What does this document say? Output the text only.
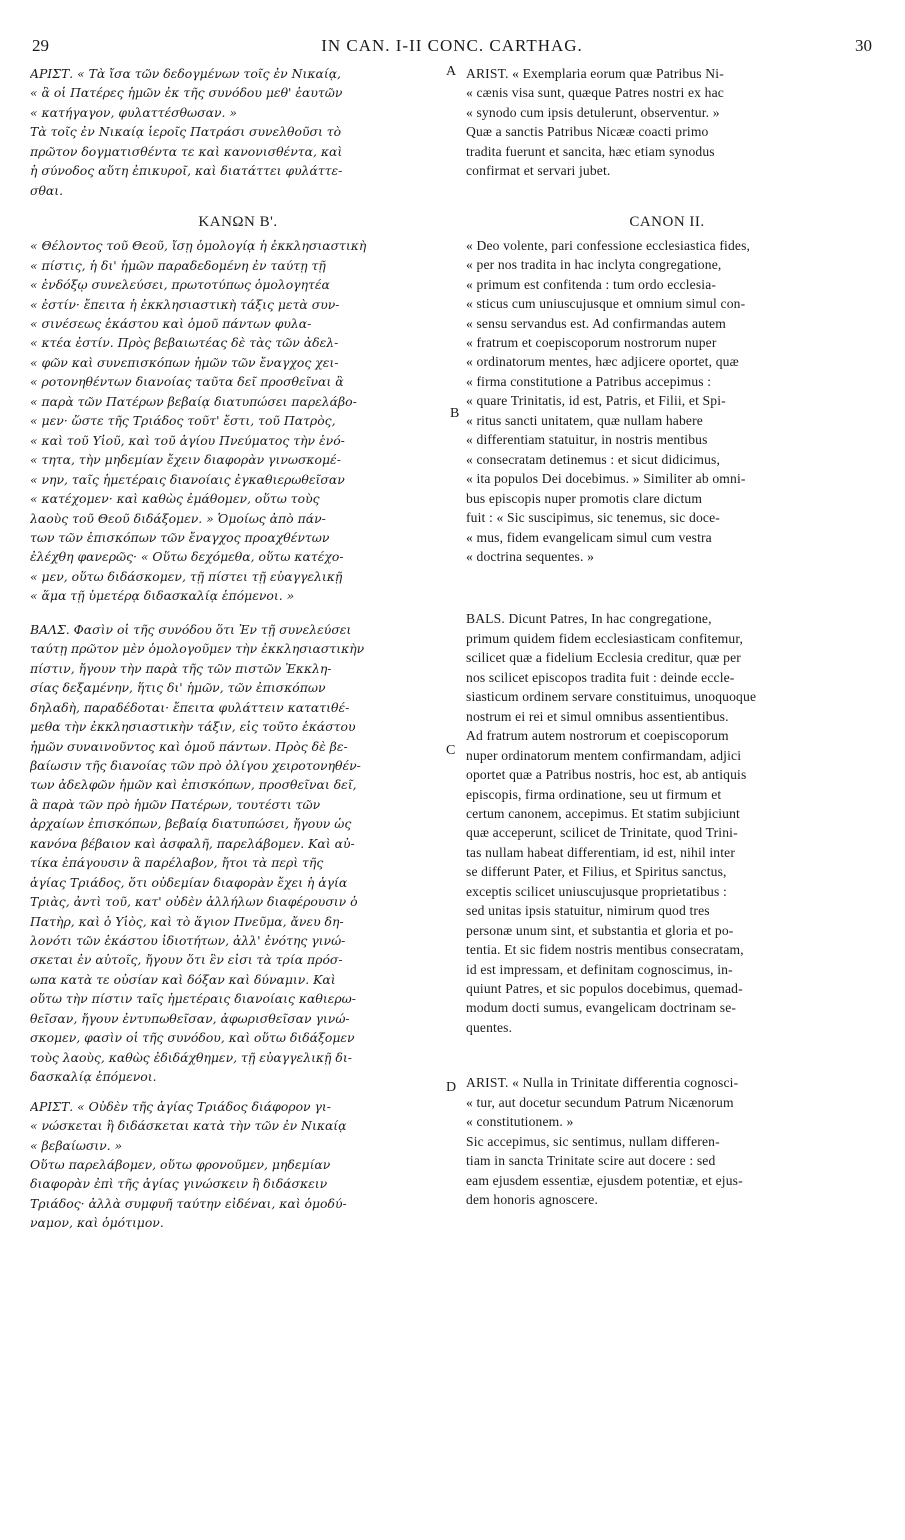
29	IN CAN. I-II CONC. CARTHAG.	30
A
B
C
D
ΑΡΙΣΤ. « Τὰ ἴσα τῶν δεδογμένων τοῖς ἐν Νικαίᾳ,
« ἃ οἱ Πατέρες ἡμῶν ἐκ τῆς συνόδου μεθ' ἑαυτῶν
« κατήγαγον, φυλαττέσθωσαν. »
Τὰ τοῖς ἐν Νικαίᾳ ἱεροῖς Πατράσι συνελθοῦσι τὸ
πρῶτον δογματισθέντα τε καὶ κανονισθέντα, καὶ
ἡ σύνοδος αὕτη ἐπικυροῖ, καὶ διατάττει φυλάττε-
σθαι.
ΚΑΝΩΝ Β'.
« Θέλοντος τοῦ Θεοῦ, ἴσῃ ὁμολογίᾳ ἡ ἐκκλησιαστικὴ
« πίστις, ἡ δι' ἡμῶν παραδεδομένη ἐν ταύτῃ τῇ
« ἐνδόξῳ συνελεύσει, πρωτοτύπως ὁμολογητέα
« ἐστίν· ἔπειτα ἡ ἐκκλησιαστικὴ τάξις μετὰ συν-
« σινέσεως ἑκάστου καὶ ὁμοῦ πάντων φυλα-
« κτέα ἐστίν. Πρὸς βεβαιωτέας δὲ τὰς τῶν ἀδελ-
« φῶν καὶ συνεπισκόπων ἡμῶν τῶν ἔναγχος χει-
« ροτονηθέντων διανοίας ταῦτα δεῖ προσθεῖναι ἃ
« παρὰ τῶν Πατέρων βεβαίᾳ διατυπώσει παρελάβο-
« μεν· ὥστε τῆς Τριάδος τοῦτ' ἔστι, τοῦ Πατρὸς,
« καὶ τοῦ Υἱοῦ, καὶ τοῦ ἁγίου Πνεύματος τὴν ἑνό-
« τητα, τὴν μηδεμίαν ἔχειν διαφορὰν γινωσκομέ-
« νην, ταῖς ἡμετέραις διανοίαις ἐγκαθιερωθεῖσαν
« κατέχομεν· καὶ καθὼς ἐμάθομεν, οὕτω τοὺς
λαοὺς τοῦ Θεοῦ διδάξομεν. » Ὁμοίως ἀπὸ πάν-
των τῶν ἐπισκόπων τῶν ἔναγχος προαχθέντων
ἐλέχθη φανερῶς· « Οὕτω δεχόμεθα, οὕτω κατέχο-
« μεν, οὕτω διδάσκομεν, τῇ πίστει τῇ εὐαγγελικῇ
« ἅμα τῇ ὑμετέρᾳ διδασκαλίᾳ ἑπόμενοι. »
ΒΑΛΣ. Φασὶν οἱ τῆς συνόδου ὅτι Ἐν τῇ συνελεύσει
ταύτῃ πρῶτον μὲν ὁμολογοῦμεν τὴν ἐκκλησιαστικὴν
πίστιν, ἤγουν τὴν παρὰ τῆς τῶν πιστῶν Ἐκκλη-
σίας δεξαμένην, ἥτις δι' ἡμῶν, τῶν ἐπισκόπων
δηλαδὴ, παραδέδοται· ἔπειτα φυλάττειν κατατιθέ-
μεθα τὴν ἐκκλησιαστικὴν τάξιν, εἰς τοῦτο ἑκάστου
ἡμῶν συναινοῦντος καὶ ὁμοῦ πάντων. Πρὸς δὲ βε-
βαίωσιν τῆς διανοίας τῶν πρὸ ὀλίγου χειροτονηθέν-
των ἀδελφῶν ἡμῶν καὶ ἐπισκόπων, προσθεῖναι δεῖ,
ἃ παρὰ τῶν πρὸ ἡμῶν Πατέρων, τουτέστι τῶν
ἀρχαίων ἐπισκόπων, βεβαίᾳ διατυπώσει, ἤγουν ὡς
κανόνα βέβαιον καὶ ἀσφαλῆ, παρελάβομεν. Καὶ αὐ-
τίκα ἐπάγουσιν ἃ παρέλαβον, ἤτοι τὰ περὶ τῆς
ἁγίας Τριάδος, ὅτι οὐδεμίαν διαφορὰν ἔχει ἡ ἁγία
Τριὰς, ἀντὶ τοῦ, κατ' οὐδὲν ἀλλήλων διαφέρουσιν ὁ
Πατὴρ, καὶ ὁ Υἱὸς, καὶ τὸ ἅγιον Πνεῦμα, ἄνευ δη-
λονότι τῶν ἑκάστου ἰδιοτήτων, ἀλλ' ἑνότης γινώ-
σκεται ἐν αὐτοῖς, ἤγουν ὅτι ἓν εἰσι τὰ τρία πρόσ-
ωπα κατὰ τε οὐσίαν καὶ δόξαν καὶ δύναμιν. Καὶ
οὕτω τὴν πίστιν ταῖς ἡμετέραις διανοίαις καθιερω-
θεῖσαν, ἤγουν ἐντυπωθεῖσαν, ἀφωρισθεῖσαν γινώ-
σκομεν, φασὶν οἱ τῆς συνόδου, καὶ οὕτω διδάξομεν
τοὺς λαοὺς, καθὼς ἐδιδάχθημεν, τῇ εὐαγγελικῇ δι-
δασκαλίᾳ ἑπόμενοι.
ΑΡΙΣΤ. « Οὐδὲν τῆς ἁγίας Τριάδος διάφορον γι-
« νώσκεται ἢ διδάσκεται κατὰ τὴν τῶν ἐν Νικαίᾳ
« βεβαίωσιν. »
Οὕτω παρελάβομεν, οὕτω φρονοῦμεν, μηδεμίαν
διαφορὰν ἐπὶ τῆς ἁγίας γινώσκειν ἢ διδάσκειν
Τριάδος· ἀλλὰ συμφυῆ ταύτην εἰδέναι, καὶ ὁμοδύ-
ναμον, καὶ ὁμότιμον.
ARIST. « Exemplaria eorum quæ Patribus Ni-
« cænis visa sunt, quæque Patres nostri ex hac
« synodo cum ipsis detulerunt, observentur. »
Quæ a sanctis Patribus Nicææ coacti primo
tradita fuerunt et sancita, hæc etiam synodus
confirmat et servari jubet.
CANON II.
« Deo volente, pari confessione ecclesiastica fides,
« per nos tradita in hac inclyta congregatione,
« primum est confitenda : tum ordo ecclesia-
« sticus cum uniuscujusque et omnium simul con-
« sensu servandus est. Ad confirmandas autem
« fratrum et coepiscoporum nostrorum nuper
« ordinatorum mentes, hæc adjicere oportet, quæ
« firma constitutione a Patribus accepimus :
« quare Trinitatis, id est, Patris, et Filii, et Spi-
« ritus sancti unitatem, quæ nullam habere
« differentiam statuitur, in nostris mentibus
« consecratam detinemus : et sicut didicimus,
« ita populos Dei docebimus. » Similiter ab omni-
bus episcopis nuper promotis clare dictum
fuit : « Sic suscipimus, sic tenemus, sic doce-
« mus, fidem evangelicam simul cum vestra
« doctrina sequentes. »
BALS. Dicunt Patres, In hac congregatione,
primum quidem fidem ecclesiasticam confitemur,
scilicet quæ a fidelium Ecclesia creditur, quæ per
nos scilicet episcopos tradita fuit : deinde eccle-
siasticum ordinem servare constituimus, unoquoque
nostrum ei rei et simul omnibus assentientibus.
Ad fratrum autem nostrorum et coepiscoporum
nuper ordinatorum mentem confirmandam, adjici
oportet quæ a Patribus nostris, hoc est, ab antiquis
episcopis, firma ordinatione, seu ut firmum et
certum canonem, accepimus. Et statim subjiciunt
quæ acceperunt, scilicet de Trinitate, quod Trini-
tas nullam habeat differentiam, id est, nihil inter
se differunt Pater, et Filius, et Spiritus sanctus,
exceptis scilicet uniuscujusque proprietatibus :
sed unitas ipsis statuitur, nimirum quod tres
personæ unum sint, et substantia et gloria et po-
tentia. Et sic fidem nostris mentibus consecratam,
id est impressam, et definitam cognoscimus, in-
quiunt Patres, et sic populos docebimus, quemad-
modum docti sumus, evangelicam doctrinam se-
quentes.
ARIST. « Nulla in Trinitate differentia cognosci-
« tur, aut docetur secundum Patrum Nicænorum
« constitutionem. »
Sic accepimus, sic sentimus, nullam differen-
tiam in sancta Trinitate scire aut docere : sed
eam ejusdem essentiæ, ejusdem potentiæ, et ejus-
dem honoris agnoscere.
